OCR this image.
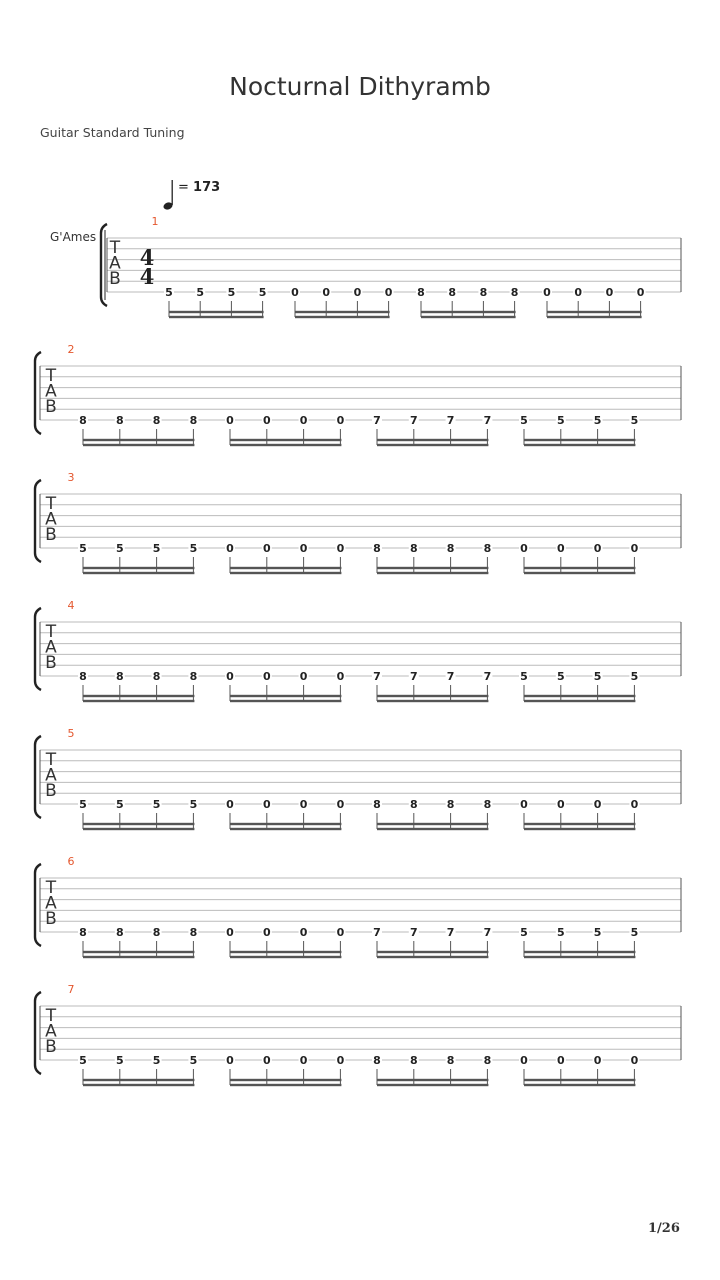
Nocturnal Dithyramb
Guitar Standard Tuning
= 173
G'Ames
T
A
B
4
4
1
5 5 5 5 0 0 0 0 8 8 8 8 0 0 0 0
T
A
B
2
8	8	8	8	0	0	0	0	7	7	7	7	5	5	5	5
T
A
B
3
5	5	5	5	0	0	0	0	8	8	8	8	0	0	0	0
T
A
B
4
8	8	8	8	0	0	0	0	7	7	7	7	5	5	5	5
T
A
B
5
5	5	5	5	0	0	0	0	8	8	8	8	0	0	0	0
T
A
B
6
8	8	8	8	0	0	0	0	7	7	7	7	5	5	5	5
T
A
B
7
5	5	5	5	0	0	0	0	8	8	8	8	0	0	0	0
1/26
